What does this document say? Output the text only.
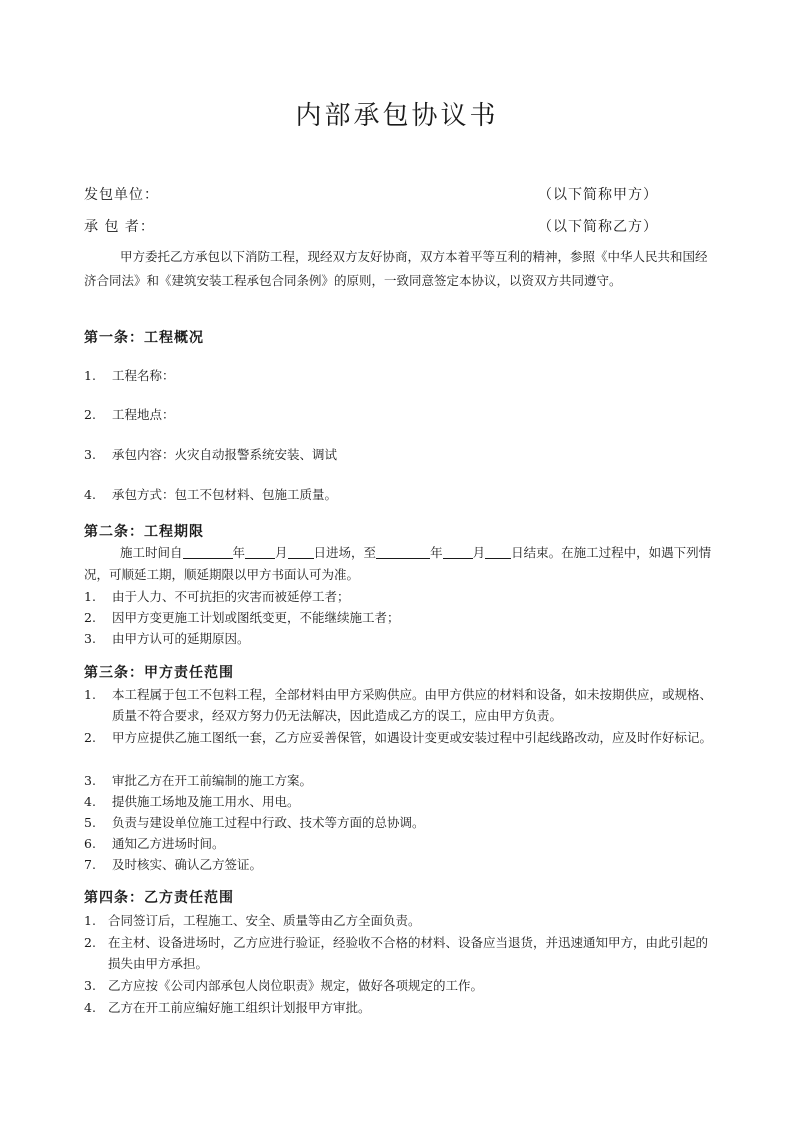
内部承包协议书
发包单位：	（以下简称甲方）
承 包 者：	（以下简称乙方）
甲方委托乙方承包以下消防工程，现经双方友好协商，双方本着平等互利的精神，参照《中华人民共和国经济合同法》和《建筑安装工程承包合同条例》的原则，一致同意签定本协议，以资双方共同遵守。
第一条：工程概况
1. 工程名称：
2. 工程地点：
3. 承包内容：火灾自动报警系统安装、调试
4. 承包方式：包工不包材料、包施工质量。
第二条：工程期限
施工时间自	年 月 日进场，至	年 月 日结束。在施工过程中，如遇下列情况，可顺延工期，顺延期限以甲方书面认可为准。
1. 由于人力、不可抗拒的灾害而被延停工者；
2. 因甲方变更施工计划或图纸变更，不能继续施工者；
3. 由甲方认可的延期原因。
第三条：甲方责任范围
1.	本工程属于包工不包料工程，全部材料由甲方采购供应。由甲方供应的材料和设备，如未按期供应，或规格、质量不符合要求，经双方努力仍无法解决，因此造成乙方的误工，应由甲方负责。
2.	甲方应提供乙施工图纸一套，乙方应妥善保管，如遇设计变更或安装过程中引起线路改动，应及时作好标记。
3. 审批乙方在开工前编制的施工方案。
4. 提供施工场地及施工用水、用电。
5. 负责与建设单位施工过程中行政、技术等方面的总协调。
6. 通知乙方进场时间。
7. 及时核实、确认乙方签证。
第四条：乙方责任范围
1. 合同签订后，工程施工、安全、质量等由乙方全面负责。
2. 在主材、设备进场时，乙方应进行验证，经验收不合格的材料、设备应当退货，并迅速通知甲方，由此引起的损失由甲方承担。
3. 乙方应按《公司内部承包人岗位职责》规定，做好各项规定的工作。
4. 乙方在开工前应编好施工组织计划报甲方审批。
